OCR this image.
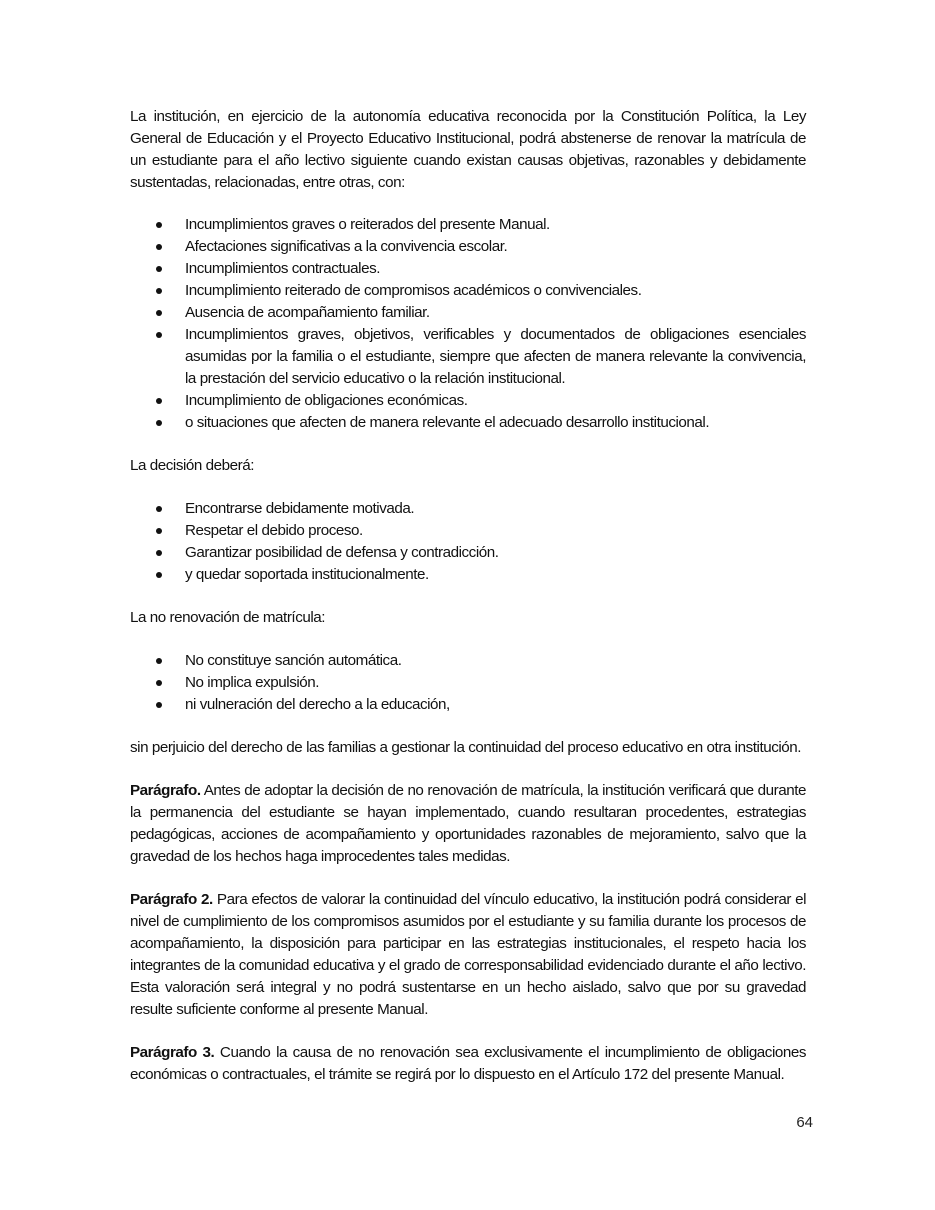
La institución, en ejercicio de la autonomía educativa reconocida por la Constitución Política, la Ley General de Educación y el Proyecto Educativo Institucional, podrá abstenerse de renovar la matrícula de un estudiante para el año lectivo siguiente cuando existan causas objetivas, razonables y debidamente sustentadas, relacionadas, entre otras, con:

Incumplimientos graves o reiterados del presente Manual.
Afectaciones significativas a la convivencia escolar.
Incumplimientos contractuales.
Incumplimiento reiterado de compromisos académicos o convivenciales.
Ausencia de acompañamiento familiar.
Incumplimientos graves, objetivos, verificables y documentados de obligaciones esenciales asumidas por la familia o el estudiante, siempre que afecten de manera relevante la convivencia, la prestación del servicio educativo o la relación institucional.
Incumplimiento de obligaciones económicas.
o situaciones que afecten de manera relevante el adecuado desarrollo institucional.

La decisión deberá:

Encontrarse debidamente motivada.
Respetar el debido proceso.
Garantizar posibilidad de defensa y contradicción.
y quedar soportada institucionalmente.

La no renovación de matrícula:

No constituye sanción automática.
No implica expulsión.
ni vulneración del derecho a la educación,

sin perjuicio del derecho de las familias a gestionar la continuidad del proceso educativo en otra institución.

Parágrafo. Antes de adoptar la decisión de no renovación de matrícula, la institución verificará que durante la permanencia del estudiante se hayan implementado, cuando resultaran procedentes, estrategias pedagógicas, acciones de acompañamiento y oportunidades razonables de mejoramiento, salvo que la gravedad de los hechos haga improcedentes tales medidas.

Parágrafo 2. Para efectos de valorar la continuidad del vínculo educativo, la institución podrá considerar el nivel de cumplimiento de los compromisos asumidos por el estudiante y su familia durante los procesos de acompañamiento, la disposición para participar en las estrategias institucionales, el respeto hacia los integrantes de la comunidad educativa y el grado de corresponsabilidad evidenciado durante el año lectivo. Esta valoración será integral y no podrá sustentarse en un hecho aislado, salvo que por su gravedad resulte suficiente conforme al presente Manual.

Parágrafo 3. Cuando la causa de no renovación sea exclusivamente el incumplimiento de obligaciones económicas o contractuales, el trámite se regirá por lo dispuesto en el Artículo 172 del presente Manual.

64
